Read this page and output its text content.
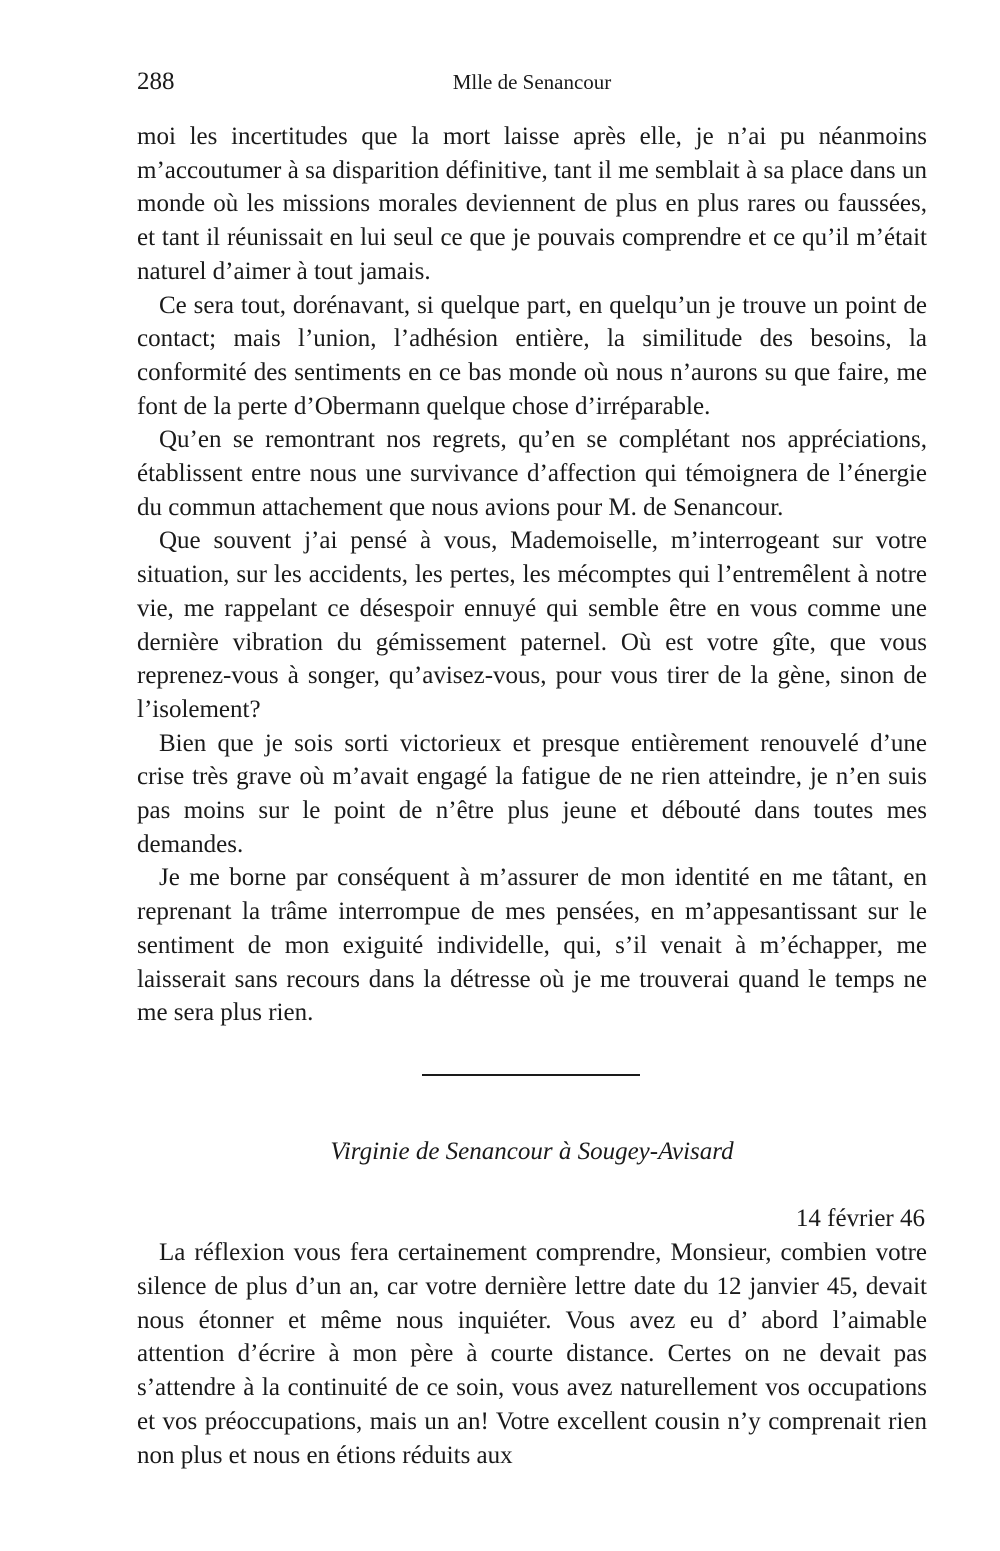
288	Mlle de Senancour

moi les incertitudes que la mort laisse après elle, je n’ai pu néanmoins m’accoutumer à sa disparition définitive, tant il me semblait à sa place dans un monde où les missions morales deviennent de plus en plus rares ou faussées, et tant il réunissait en lui seul ce que je pouvais comprendre et ce qu’il m’était naturel d’aimer à tout jamais.

Ce sera tout, dorénavant, si quelque part, en quelqu’un je trouve un point de contact; mais l’union, l’adhésion entière, la similitude des besoins, la conformité des sentiments en ce bas monde où nous n’aurons su que faire, me font de la perte d’Obermann quelque chose d’irréparable.

Qu’en se remontrant nos regrets, qu’en se complétant nos appréciations, établissent entre nous une survivance d’affection qui témoignera de l’énergie du commun attachement que nous avions pour M. de Senancour.

Que souvent j’ai pensé à vous, Mademoiselle, m’interrogeant sur votre situation, sur les accidents, les pertes, les mécomptes qui l’entremêlent à notre vie, me rappelant ce désespoir ennuyé qui semble être en vous comme une dernière vibration du gémissement paternel. Où est votre gîte, que vous reprenez-vous à songer, qu’avisez-vous, pour vous tirer de la gène, sinon de l’isolement?

Bien que je sois sorti victorieux et presque entièrement renouvelé d’une crise très grave où m’avait engagé la fatigue de ne rien atteindre, je n’en suis pas moins sur le point de n’être plus jeune et débouté dans toutes mes demandes.

Je me borne par conséquent à m’assurer de mon identité en me tâtant, en reprenant la trâme interrompue de mes pensées, en m’appesantissant sur le sentiment de mon exiguité individelle, qui, s’il venait à m’échapper, me laisserait sans recours dans la détresse où je me trouverai quand le temps ne me sera plus rien.

Virginie de Senancour à Sougey-Avisard
14 février 46

La réflexion vous fera certainement comprendre, Monsieur, combien votre silence de plus d’un an, car votre dernière lettre date du 12 janvier 45, devait nous étonner et même nous inquiéter. Vous avez eu d’ abord l’aimable attention d’écrire à mon père à courte distance. Certes on ne devait pas s’attendre à la continuité de ce soin, vous avez naturellement vos occupations et vos préoccupations, mais un an! Votre excellent cousin n’y comprenait rien non plus et nous en étions réduits aux
